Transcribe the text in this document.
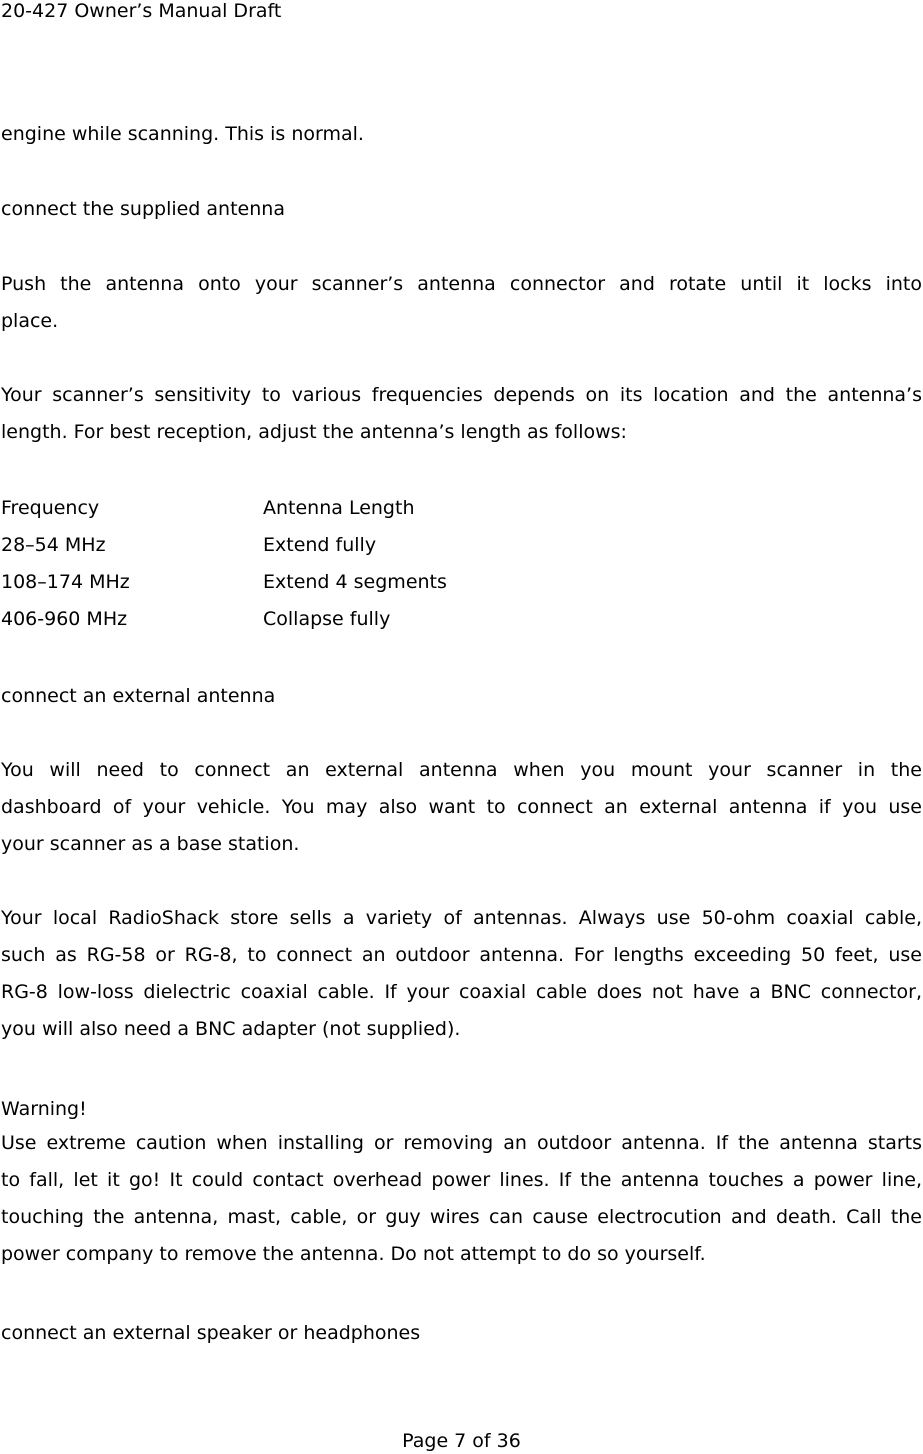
20-427 Owner’s Manual Draft
engine while scanning. This is normal.
connect the supplied antenna
Push the antenna onto your scanner’s antenna connector and rotate until it locks into
place.
Your scanner’s sensitivity to various frequencies depends on its location and the antenna’s
length. For best reception, adjust the antenna’s length as follows:
Frequency	Antenna Length
28–54 MHz	Extend fully
108–174 MHz	Extend 4 segments
406-960 MHz	Collapse fully
connect an external antenna
You will need to connect an external antenna when you mount your scanner in the
dashboard of your vehicle. You may also want to connect an external antenna if you use
your scanner as a base station.
Your local RadioShack store sells a variety of antennas. Always use 50-ohm coaxial cable,
such as RG-58 or RG-8, to connect an outdoor antenna. For lengths exceeding 50 feet, use
RG-8 low-loss dielectric coaxial cable. If your coaxial cable does not have a BNC connector,
you will also need a BNC adapter (not supplied).
Warning!
Use extreme caution when installing or removing an outdoor antenna. If the antenna starts
to fall, let it go! It could contact overhead power lines. If the antenna touches a power line,
touching the antenna, mast, cable, or guy wires can cause electrocution and death. Call the
power company to remove the antenna. Do not attempt to do so yourself.
connect an external speaker or headphones
Page 7 of 36
